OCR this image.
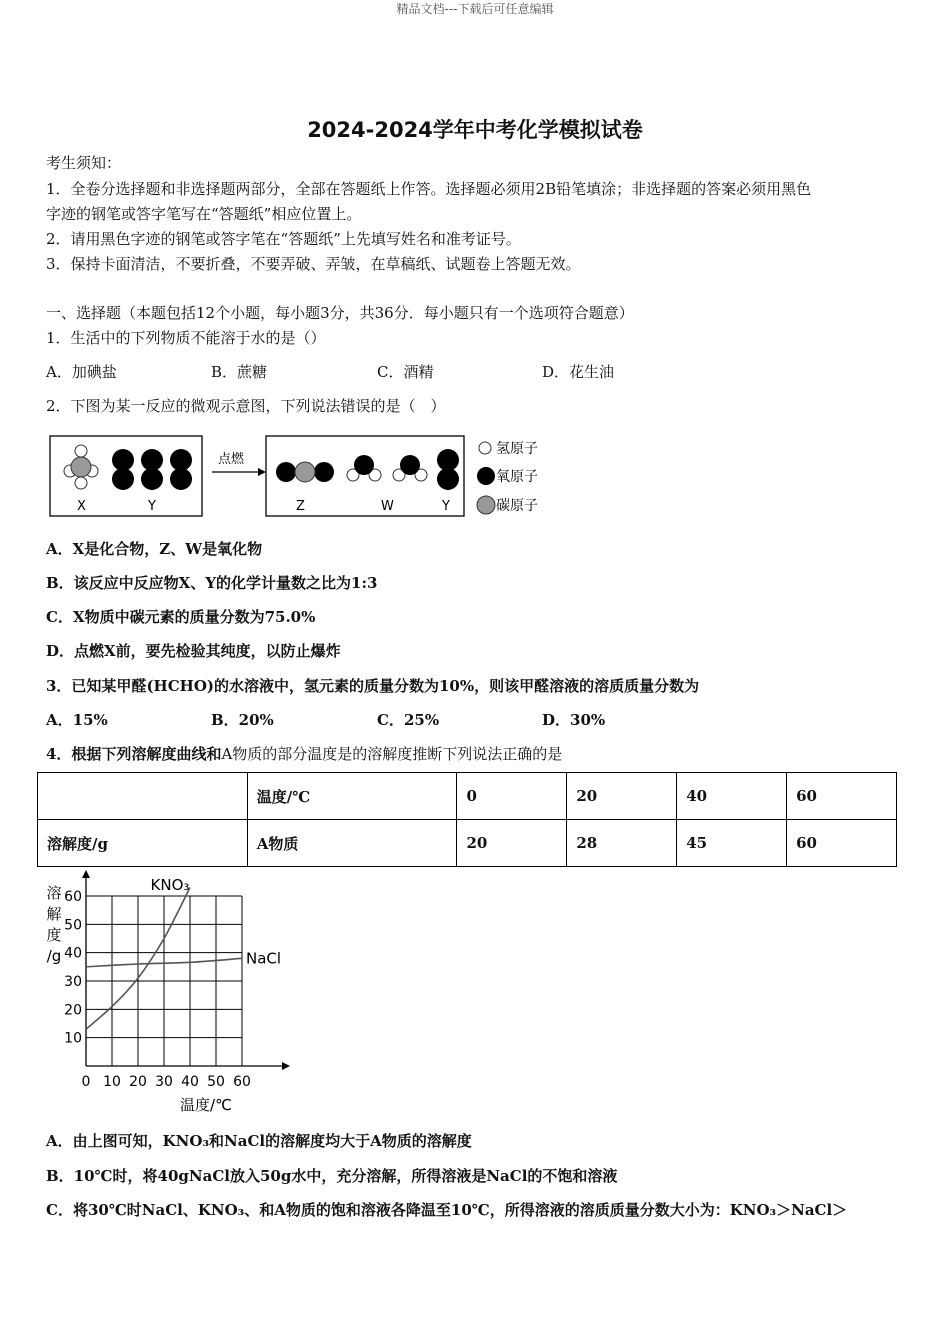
精品文档---下载后可任意编辑
2024-2024学年中考化学模拟试卷
考生须知：
1．全卷分选择题和非选择题两部分，全部在答题纸上作答。选择题必须用2B铅笔填涂；非选择题的答案必须用黑色
字迹的钢笔或答字笔写在“答题纸”相应位置上。
2．请用黑色字迹的钢笔或答字笔在“答题纸”上先填写姓名和准考证号。
3．保持卡面清洁，不要折叠，不要弄破、弄皱，在草稿纸、试题卷上答题无效。
一、选择题（本题包括12个小题，每小题3分，共36分．每小题只有一个选项符合题意）
1．生活中的下列物质不能溶于水的是（）
A．加碘盐	B．蔗糖	C．酒精	D．花生油
2．下图为某一反应的微观示意图，下列说法错误的是（　）
X	Y
点燃
Z	W	Y
氢原子
氧原子
碳原子
A．X是化合物，Z、W是氧化物
B．该反应中反应物X、Y的化学计量数之比为1:3
C．X物质中碳元素的质量分数为75.0%
D．点燃X前，要先检验其纯度，以防止爆炸
3．已知某甲醛(HCHO)的水溶液中，氢元素的质量分数为10%，则该甲醛溶液的溶质质量分数为
A．15%	B．20%	C．25%	D．30%
4．根据下列溶解度曲线和A物质的部分温度是的溶解度推断下列说法正确的是
	温度/℃	0	20	40	60
溶解度/g	A物质	20	28	45	60
溶
解
度
/g
0 10 20 30 40 50 60
10
20
30
40
50
60
KNO₃
NaCl
温度/℃
A．由上图可知，KNO₃和NaCl的溶解度均大于A物质的溶解度
B．10℃时，将40gNaCl放入50g水中，充分溶解，所得溶液是NaCl的不饱和溶液
C．将30℃时NaCl、KNO₃、和A物质的饱和溶液各降温至10℃，所得溶液的溶质质量分数大小为：KNO₃＞NaCl＞
